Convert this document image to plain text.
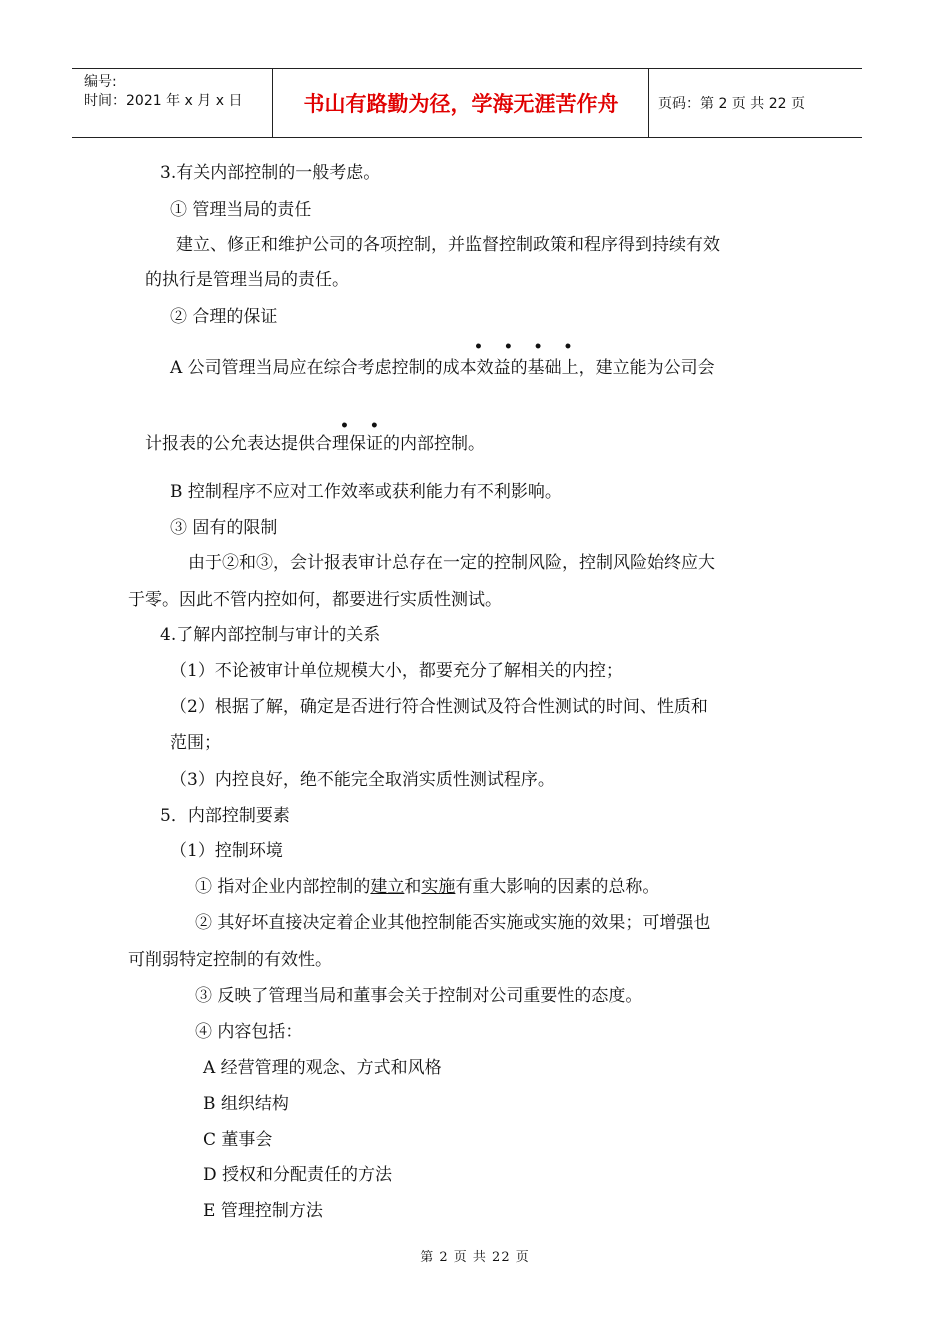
编号:
时间：2021 年 x 月 x 日	书山有路勤为径，学海无涯苦作舟	页码：第 2 页 共 22 页
3.有关内部控制的一般考虑。
① 管理当局的责任
建立、修正和维护公司的各项控制，并监督控制政策和程序得到持续有效
的执行是管理当局的责任。
② 合理的保证
• • • •
A 公司管理当局应在综合考虑控制的成本效益的基础上，建立能为公司会
• •
计报表的公允表达提供合理保证的内部控制。
B 控制程序不应对工作效率或获利能力有不利影响。
③ 固有的限制
由于②和③，会计报表审计总存在一定的控制风险，控制风险始终应大
于零。因此不管内控如何，都要进行实质性测试。
4.了解内部控制与审计的关系
（1）不论被审计单位规模大小，都要充分了解相关的内控；
（2）根据了解，确定是否进行符合性测试及符合性测试的时间、性质和
范围；
（3）内控良好，绝不能完全取消实质性测试程序。
5．内部控制要素
（1）控制环境
① 指对企业内部控制的建立和实施有重大影响的因素的总称。
② 其好坏直接决定着企业其他控制能否实施或实施的效果；可增强也
可削弱特定控制的有效性。
③ 反映了管理当局和董事会关于控制对公司重要性的态度。
④ 内容包括：
A 经营管理的观念、方式和风格
B 组织结构
C 董事会
D 授权和分配责任的方法
E 管理控制方法
第 2 页 共 22 页
